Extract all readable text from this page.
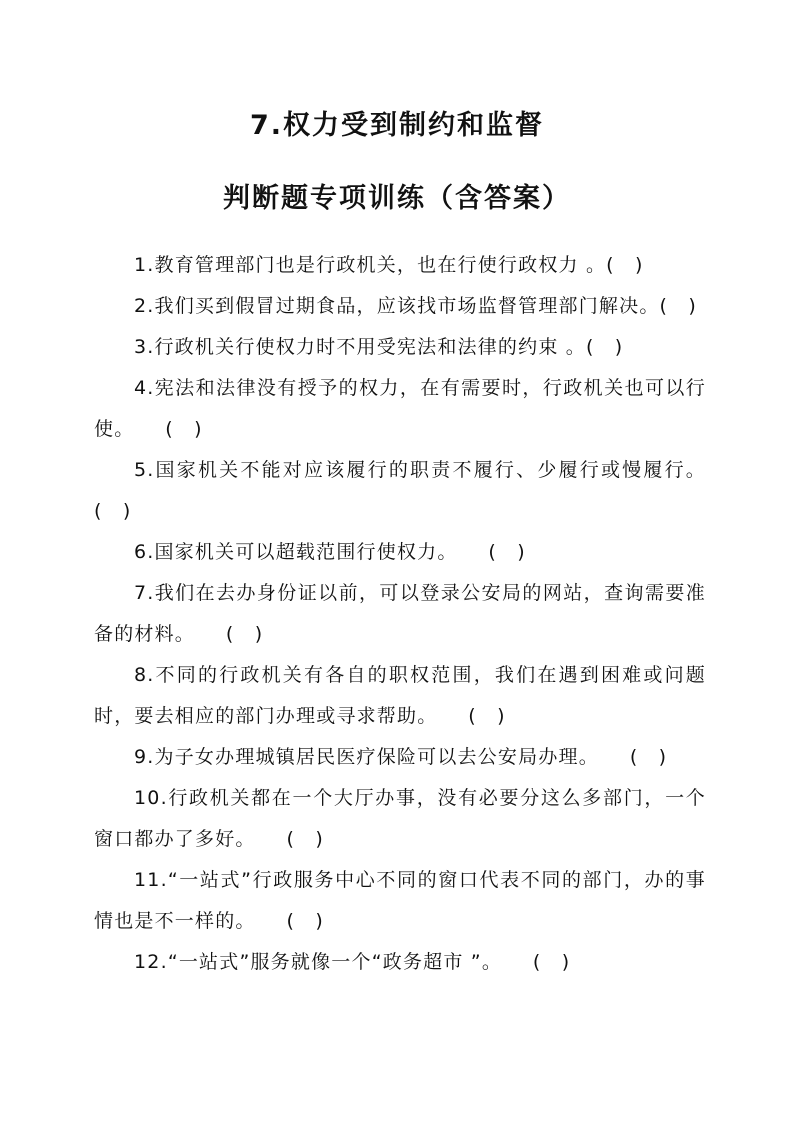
7.权力受到制约和监督
判断题专项训练（含答案）

1.教育管理部门也是行政机关，也在行使行政权力 。(　)

2.我们买到假冒过期食品，应该找市场监督管理部门解决。(　)

3.行政机关行使权力时不用受宪法和法律的约束 。(　)

4.宪法和法律没有授予的权力，在有需要时，行政机关也可以行使。　　(　)

5.国家机关不能对应该履行的职责不履行、少履行或慢履行。(　)

6.国家机关可以超载范围行使权力。　　(　)

7.我们在去办身份证以前，可以登录公安局的网站，查询需要准备的材料。　　(　)

8.不同的行政机关有各自的职权范围，我们在遇到困难或问题时，要去相应的部门办理或寻求帮助。　　(　)

9.为子女办理城镇居民医疗保险可以去公安局办理。　　(　)

10.行政机关都在一个大厅办事，没有必要分这么多部门，一个窗口都办了多好。　　(　)

11.“一站式”行政服务中心不同的窗口代表不同的部门，办的事情也是不一样的。　　(　)

12.“一站式”服务就像一个“政务超市 ”。　　(　)
